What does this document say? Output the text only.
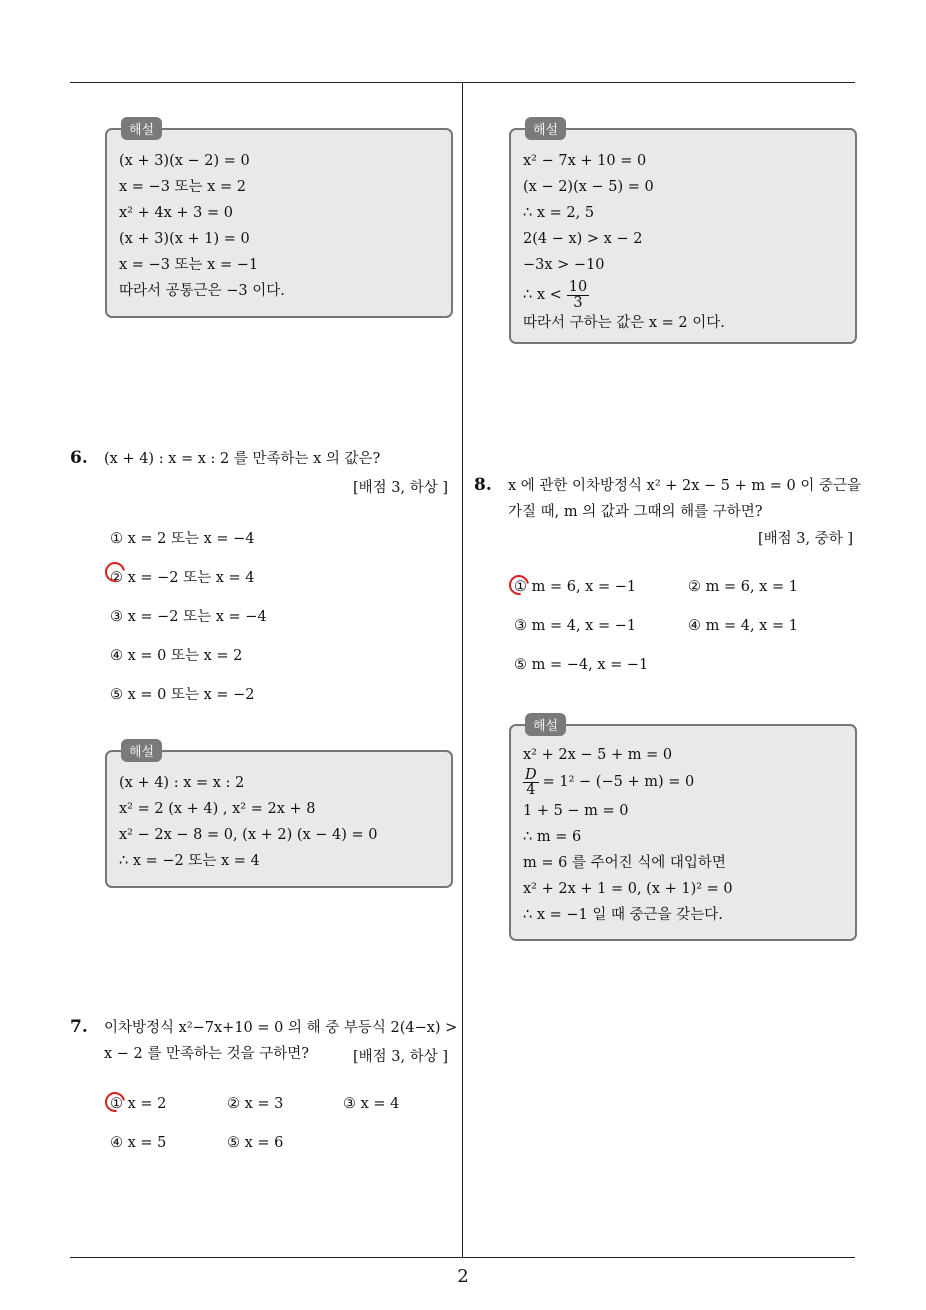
해설
(x + 3)(x − 2) = 0
x = −3 또는 x = 2
x² + 4x + 3 = 0
(x + 3)(x + 1) = 0
x = −3 또는 x = −1
따라서 공통근은 −3 이다.
해설
x² − 7x + 10 = 0
(x − 2)(x − 5) = 0
∴ x = 2, 5
2(4 − x) > x − 2
−3x > −10
∴ $x < \frac{10}{3}$
따라서 구하는 값은 x = 2 이다.
6. (x + 4) : x = x : 2 를 만족하는 x 의 값은?
[배점 3, 하상 ]
① x = 2 또는 x = −4
② x = −2 또는 x = 4
③ x = −2 또는 x = −4
④ x = 0 또는 x = 2
⑤ x = 0 또는 x = −2
해설
(x + 4) : x = x : 2
x² = 2 (x + 4) , x² = 2x + 8
x² − 2x − 8 = 0, (x + 2) (x − 4) = 0
∴ x = −2 또는 x = 4
7. 이차방정식 x²−7x+10 = 0 의 해 중 부등식 2(4−x) >
x − 2 를 만족하는 것을 구하면?	[배점 3, 하상 ]
① x = 2	② x = 3	③ x = 4
④ x = 5	⑤ x = 6
8. x 에 관한 이차방정식 x² + 2x − 5 + m = 0 이 중근을
가질 때, m 의 값과 그때의 해를 구하면?
[배점 3, 중하 ]
① m = 6, x = −1	② m = 6, x = 1
③ m = 4, x = −1	④ m = 4, x = 1
⑤ m = −4, x = −1
해설
x² + 2x − 5 + m = 0
$\frac{D}{4} = 1^2 - (-5 + m) = 0$
1 + 5 − m = 0
∴ m = 6
m = 6 를 주어진 식에 대입하면
x² + 2x + 1 = 0, (x + 1)² = 0
∴ x = −1 일 때 중근을 갖는다.
2
